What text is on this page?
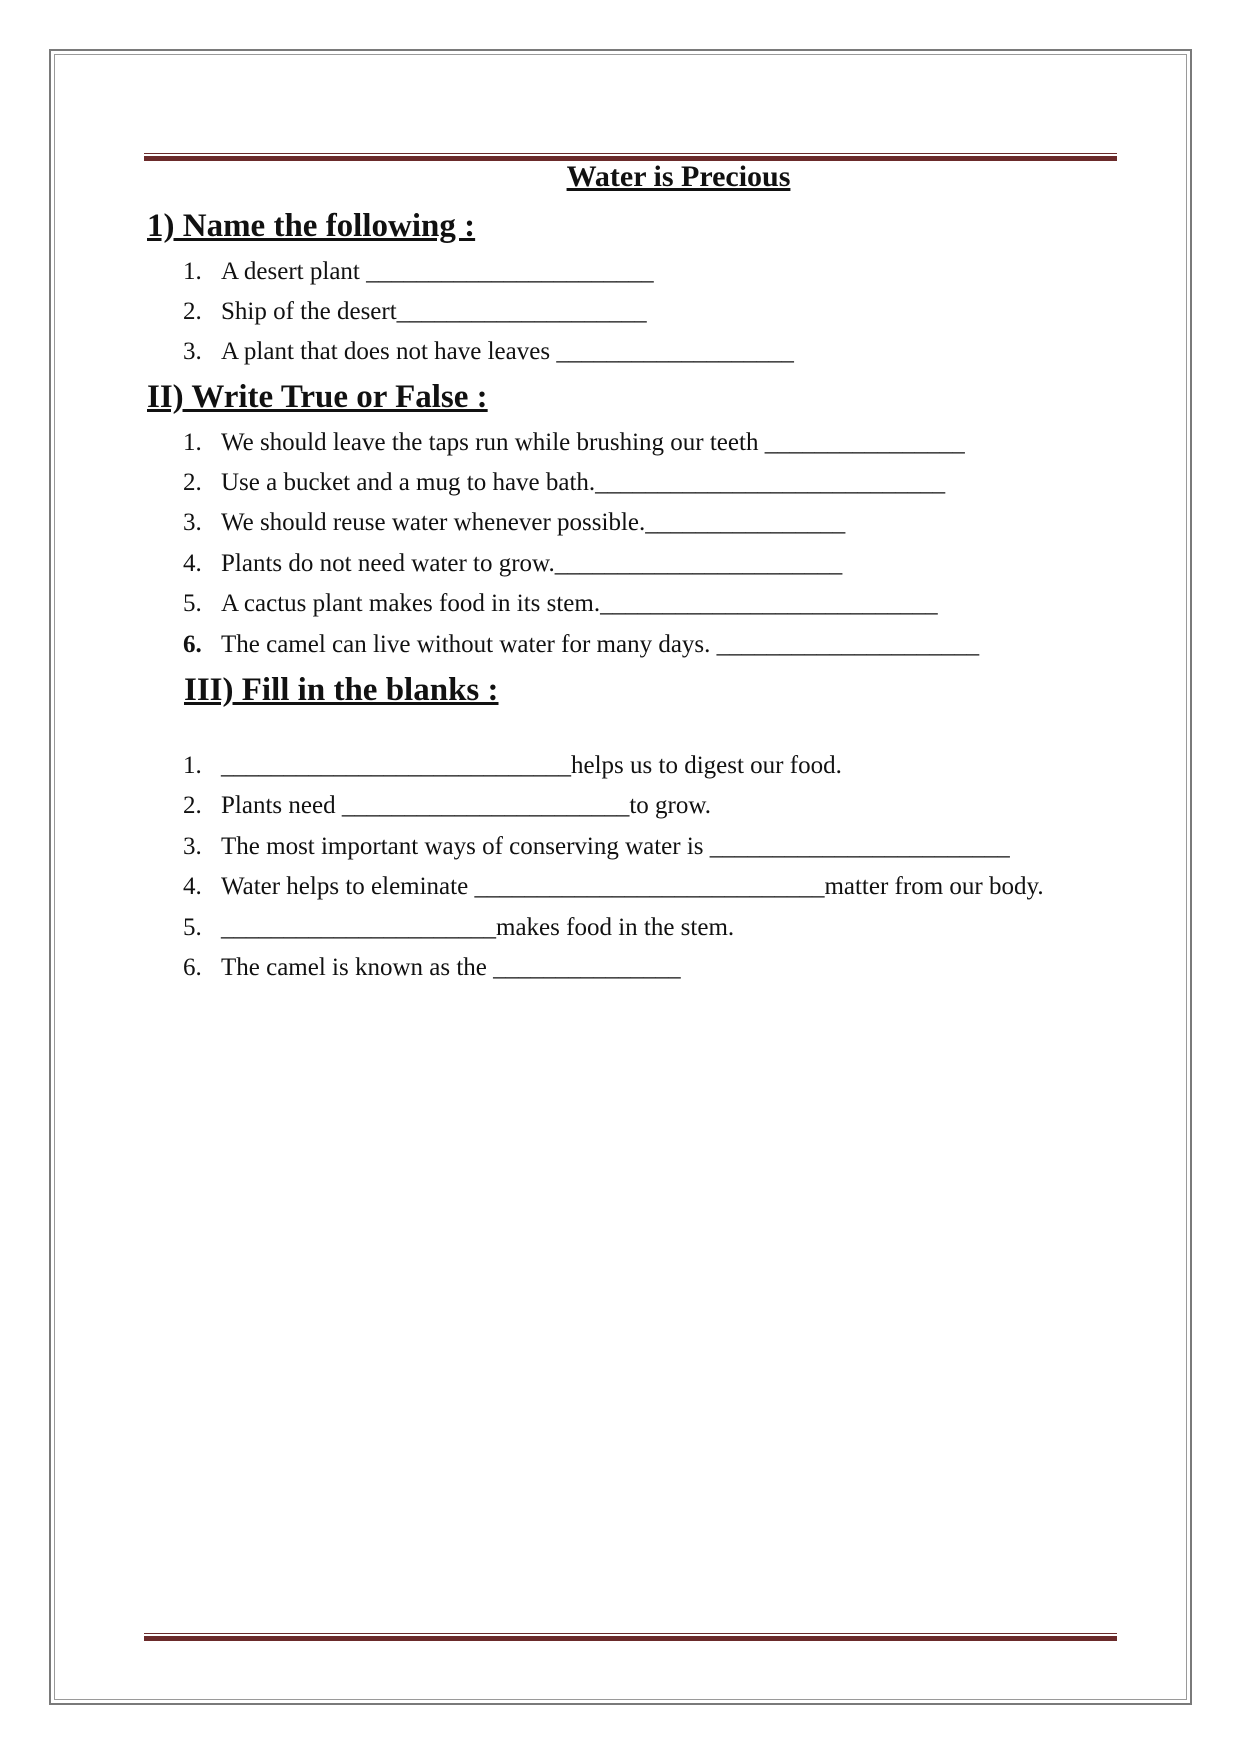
Water is Precious
1) Name the following :
1. A desert plant _______________________
2. Ship of the desert____________________
3. A plant that does not have leaves ___________________
II) Write True or False :
1. We should leave the taps run while brushing our teeth ________________
2. Use a bucket and a mug to have bath.____________________________
3. We should reuse water whenever possible.________________
4. Plants do not need water to grow._______________________
5. A cactus plant makes food in its stem.___________________________
6. The camel can live without water for many days. _____________________
III) Fill in the blanks :
1. ____________________________helps us to digest our food.
2. Plants need _______________________to grow.
3. The most important ways of conserving water is ________________________
4. Water helps to eleminate ____________________________matter from our body.
5. ______________________makes food in the stem.
6. The camel is known as the _______________
